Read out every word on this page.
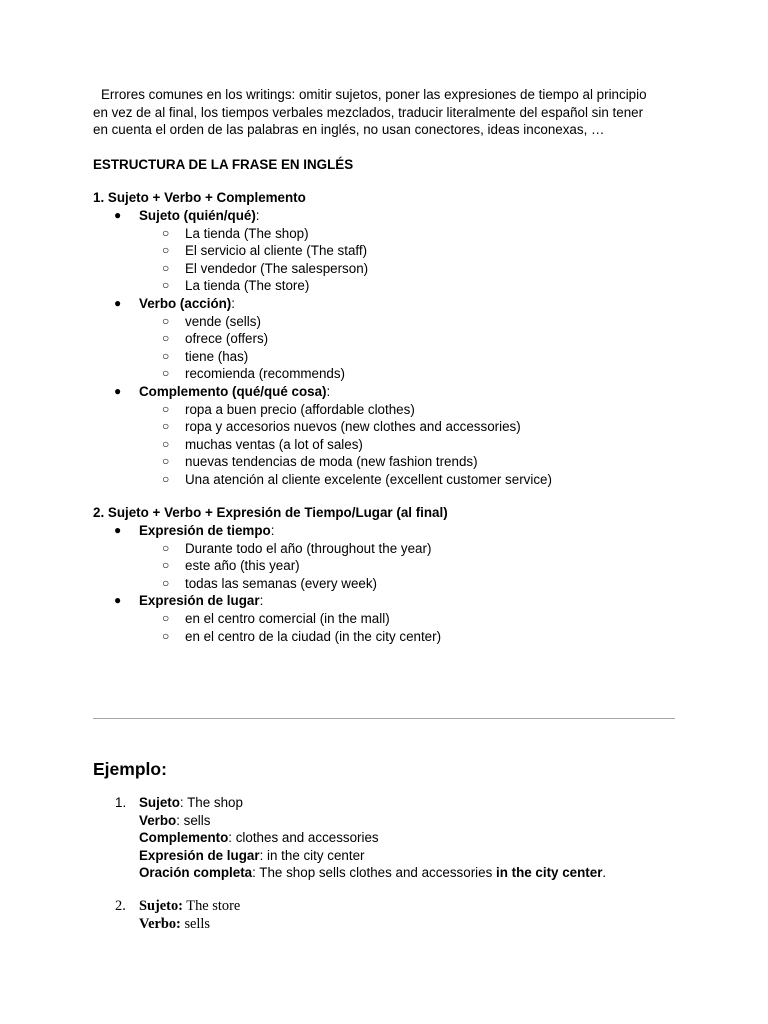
Errores comunes en los writings: omitir sujetos, poner las expresiones de tiempo al principio en vez de al final, los tiempos verbales mezclados, traducir literalmente del español sin tener en cuenta el orden de las palabras en inglés, no usan conectores, ideas inconexas, …

ESTRUCTURA DE LA FRASE EN INGLÉS

1. Sujeto + Verbo + Complemento

● Sujeto (quién/qué):
○ La tienda (The shop)
○ El servicio al cliente (The staff)
○ El vendedor (The salesperson)
○ La tienda (The store)
● Verbo (acción):
○ vende (sells)
○ ofrece (offers)
○ tiene (has)
○ recomienda (recommends)
● Complemento (qué/qué cosa):
○ ropa a buen precio (affordable clothes)
○ ropa y accesorios nuevos (new clothes and accessories)
○ muchas ventas (a lot of sales)
○ nuevas tendencias de moda (new fashion trends)
○ Una atención al cliente excelente (excellent customer service)

2. Sujeto + Verbo + Expresión de Tiempo/Lugar (al final)

● Expresión de tiempo:
○ Durante todo el año (throughout the year)
○ este año (this year)
○ todas las semanas (every week)
● Expresión de lugar:
○ en el centro comercial (in the mall)
○ en el centro de la ciudad (in the city center)
Ejemplo:
1. Sujeto: The shop
Verbo: sells
Complemento: clothes and accessories
Expresión de lugar: in the city center
Oración completa: The shop sells clothes and accessories in the city center.
2. Sujeto: The store
Verbo: sells
